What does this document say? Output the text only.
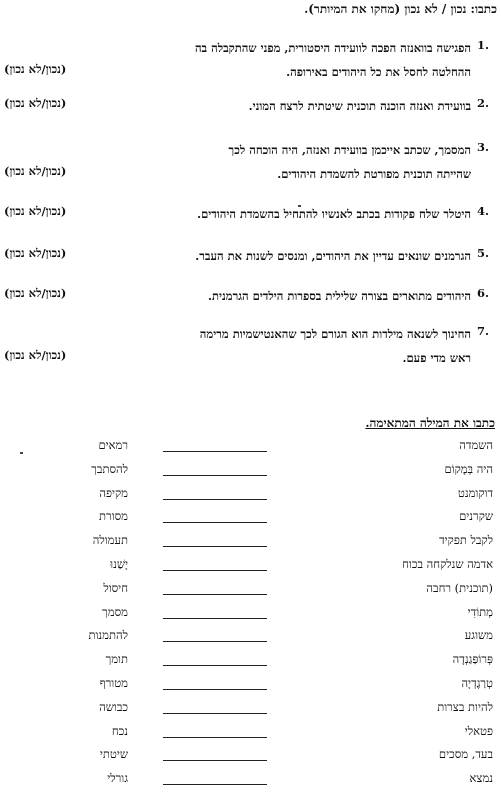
כתבו: נכון / לא נכון (מחקו את המיותר).
1.
הפגישה בוואנזה הפכה לוועידה היסטורית, מפני שהתקבלה בה
ההחלטה לחסל את כל היהודים באירופה.
(נכון/לא נכון)
2.
בוועידת ואנזה הוכנה תוכנית שיטתית לרצח המוני.
(נכון/לא נכון)
3.
המסמך, שכתב אייכמן בוועידת ואנזה, היה הוכחה לכך
שהייתה תוכנית מפורטת להשמדת היהודים.
(נכון/לא נכון)
4.
היטלר שלח פקודות בכתב לאנשיו להתחיל בהשמדת היהודים.
(נכון/לא נכון)
5.
הגרמנים שונאים עדיין את היהודים, ומנסים לשנות את העבר.
(נכון/לא נכון)
6.
היהודים מתוארים בצורה שלילית בספרות הילדים הגרמנית.
(נכון/לא נכון)
7.
החינוך לשנאה מילדות הוא הגורם לכך שהאנטישמיות מרימה
ראש מדי פעם.
(נכון/לא נכון)
כתבו את המילה המתאימה.
השמדה
רמאים
היה בְּמָקוֹם
להסתבך
דוקומנט
מקיפה
שקרנים
מסורת
לקבל תפקיד
תעמולה
אדמה שנלקחה בכוח
יָשַׁנוּ
(תוכנית) רחבה
חיסול
מְתוֹדִי
מסמך
משוגע
להתמנות
פְּרוֹפַּגַנְדָה
תומך
טְרַגֶדְיָה
מטורף
להיות בצרות
כבושה
פטאלי
נכח
בעד, מסכים
שיטתי
נמצא
גורלי
